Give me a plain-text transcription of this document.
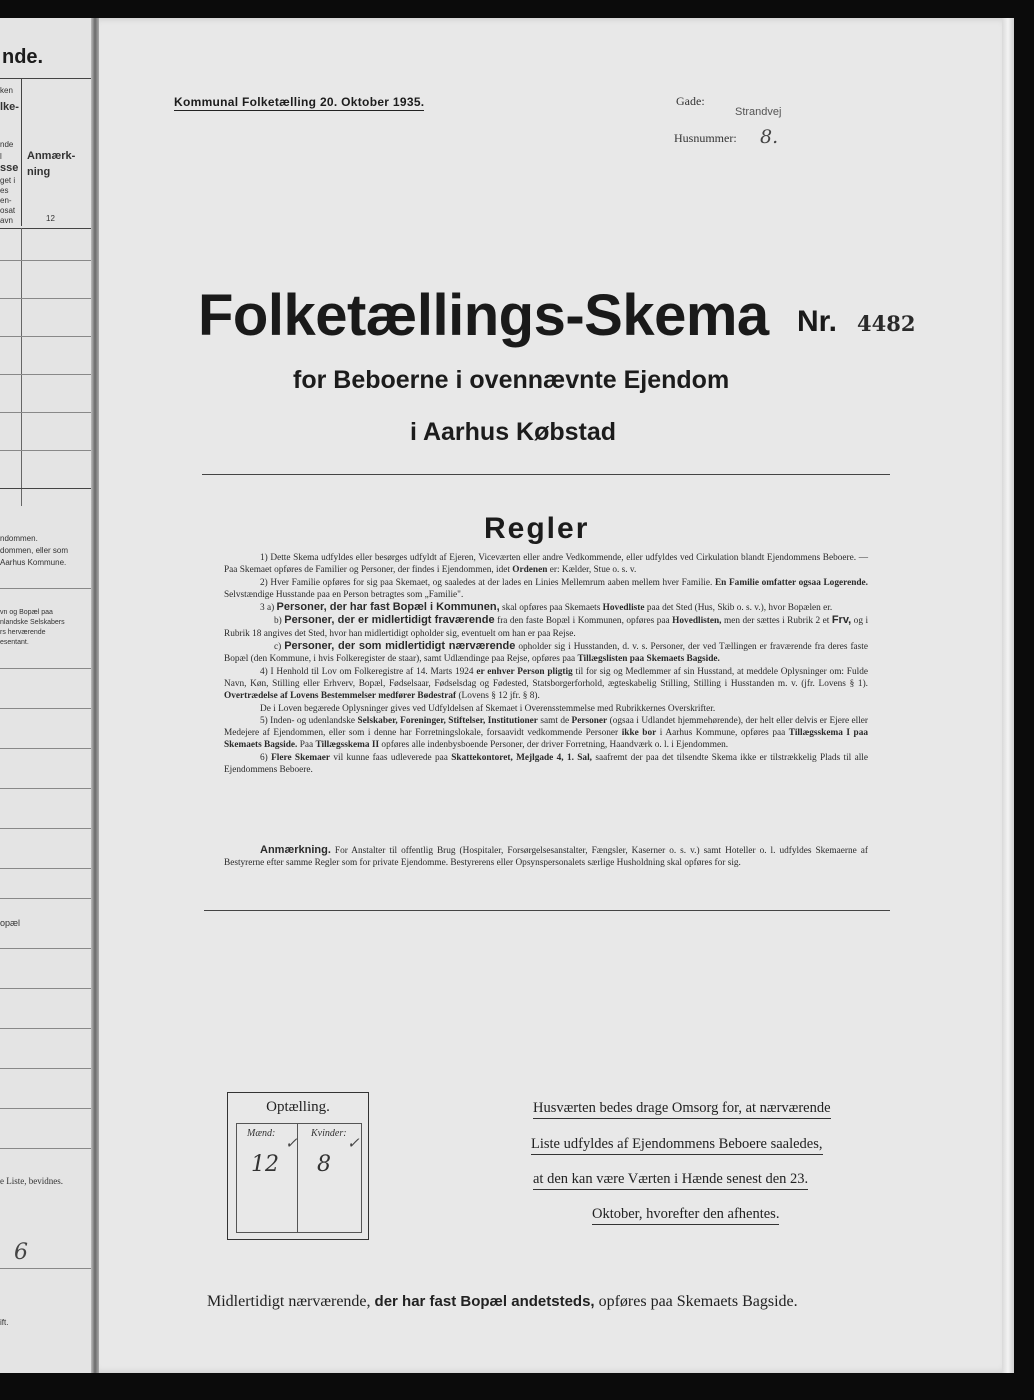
nde.
ken
lke-
nde
l
sse
get i
es
en-
osat
avn
Anmærk-
ning
12
ndommen.
dommen, eller som
Aarhus Kommune.
vn og Bopæl paa
nlandske Selskabers
rs herværende
esentant.
opæl
e Liste, bevidnes.
6
ift.
Kommunal Folketælling 20. Oktober 1935.	Gade:
Strandvej
Husnummer: 8.
Folketællings-Skema Nr. 4482
for Beboerne i ovennævnte Ejendom
i Aarhus Købstad
Regler

1) Dette Skema udfyldes eller besørges udfyldt af Ejeren, Viceværten eller andre Vedkommende, eller udfyldes ved Cirkulation blandt Ejendommens Beboere. — Paa Skemaet opføres de Familier og Personer, der findes i Ejendommen, idet Ordenen er: Kælder, Stue o. s. v.

2) Hver Familie opføres for sig paa Skemaet, og saaledes at der lades en Linies Mellemrum aaben mellem hver Familie. En Familie omfatter ogsaa Logerende. Selvstændige Husstande paa en Person betragtes som „Familie".

3 a) Personer, der har fast Bopæl i Kommunen, skal opføres paa Skemaets Hovedliste paa det Sted (Hus, Skib o. s. v.), hvor Bopælen er.

b) Personer, der er midlertidigt fraværende fra den faste Bopæl i Kommunen, opføres paa Hovedlisten, men der sættes i Rubrik 2 et Frv, og i Rubrik 18 angives det Sted, hvor han midlertidigt opholder sig, eventuelt om han er paa Rejse.

c) Personer, der som midlertidigt nærværende opholder sig i Husstanden, d. v. s. Personer, der ved Tællingen er fraværende fra deres faste Bopæl (den Kommune, i hvis Folkeregister de staar), samt Udlændinge paa Rejse, opføres paa Tillægslisten paa Skemaets Bagside.

4) I Henhold til Lov om Folkeregistre af 14. Marts 1924 er enhver Person pligtig til for sig og Medlemmer af sin Husstand, at meddele Oplysninger om: Fulde Navn, Køn, Stilling eller Erhverv, Bopæl, Fødselsaar, Fødselsdag og Fødested, Statsborgerforhold, ægteskabelig Stilling, Stilling i Husstanden m. v. (jfr. Lovens § 1). Overtrædelse af Lovens Bestemmelser medfører Bødestraf (Lovens § 12 jfr. § 8).

De i Loven begærede Oplysninger gives ved Udfyldelsen af Skemaet i Overensstemmelse med Rubrikkernes Overskrifter.

5) Inden- og udenlandske Selskaber, Foreninger, Stiftelser, Institutioner samt de Personer (ogsaa i Udlandet hjemmehørende), der helt eller delvis er Ejere eller Medejere af Ejendommen, eller som i denne har Forretningslokale, forsaavidt vedkommende Personer ikke bor i Aarhus Kommune, opføres paa Tillægsskema I paa Skemaets Bagside. Paa Tillægsskema II opføres alle indenbysboende Personer, der driver Forretning, Haandværk o. l. i Ejendommen.

6) Flere Skemaer vil kunne faas udleverede paa Skattekontoret, Mejlgade 4, 1. Sal, saafremt der paa det tilsendte Skema ikke er tilstrækkelig Plads til alle Ejendommens Beboere.

Anmærkning. For Anstalter til offentlig Brug (Hospitaler, Forsørgelsesanstalter, Fængsler, Kaserner o. s. v.) samt Hoteller o. l. udfyldes Skemaerne af Bestyrerne efter samme Regler som for private Ejendomme. Bestyrerens eller Opsynspersonalets særlige Husholdning skal opføres for sig.
Optælling.
Mænd:	Kvinder:
12
✓
8
✓
Husværten bedes drage Omsorg for, at nærværende
Liste udfyldes af Ejendommens Beboere saaledes,
at den kan være Værten i Hænde senest den 23.
Oktober, hvorefter den afhentes.
Midlertidigt nærværende, der har fast Bopæl andetsteds, opføres paa Skemaets Bagside.
